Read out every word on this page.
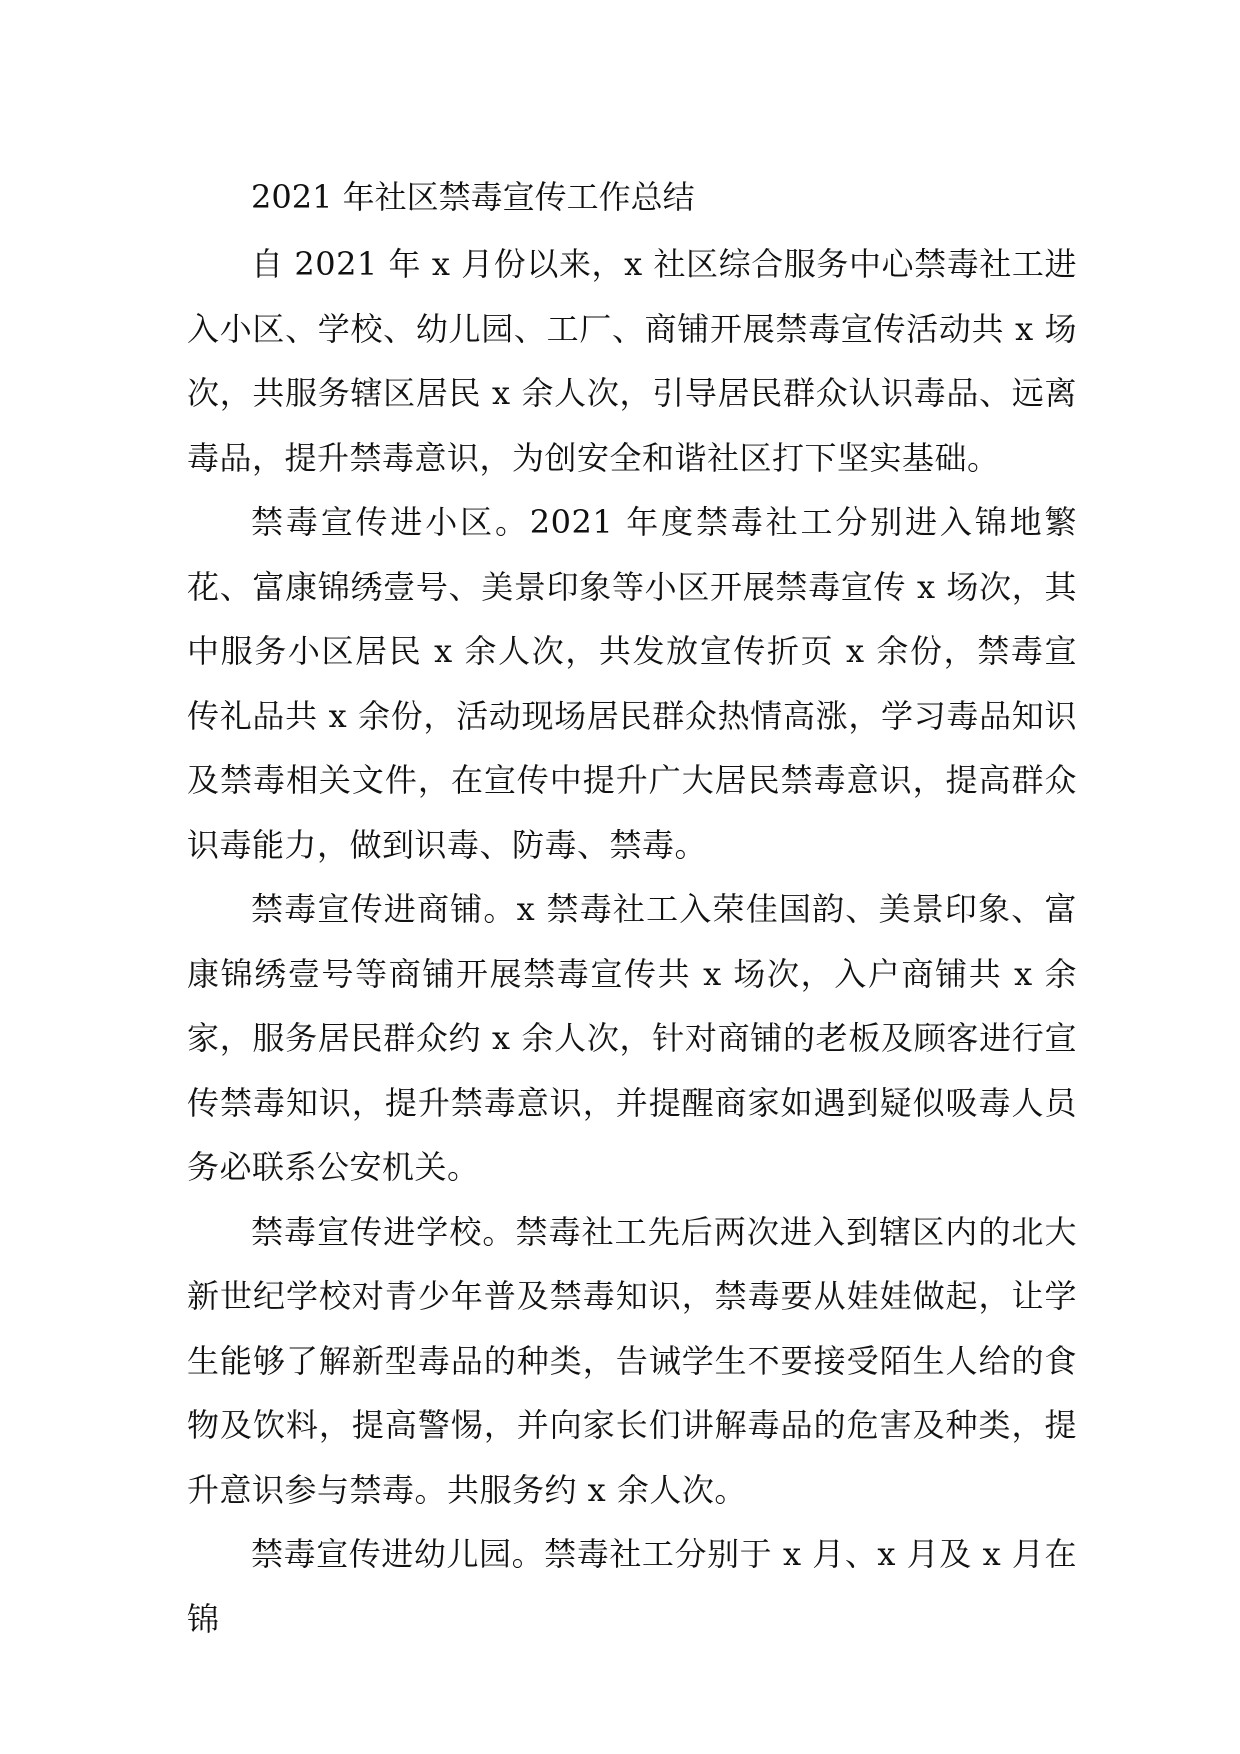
2021 年社区禁毒宣传工作总结

自 2021 年 x 月份以来，x 社区综合服务中心禁毒社工进入小区、学校、幼儿园、工厂、商铺开展禁毒宣传活动共 x 场次，共服务辖区居民 x 余人次，引导居民群众认识毒品、远离毒品，提升禁毒意识，为创安全和谐社区打下坚实基础。

禁毒宣传进小区。2021 年度禁毒社工分别进入锦地繁花、富康锦绣壹号、美景印象等小区开展禁毒宣传 x 场次，其中服务小区居民 x 余人次，共发放宣传折页 x 余份，禁毒宣传礼品共 x 余份，活动现场居民群众热情高涨，学习毒品知识及禁毒相关文件，在宣传中提升广大居民禁毒意识，提高群众识毒能力，做到识毒、防毒、禁毒。

禁毒宣传进商铺。x 禁毒社工入荣佳国韵、美景印象、富康锦绣壹号等商铺开展禁毒宣传共 x 场次，入户商铺共 x 余家，服务居民群众约 x 余人次，针对商铺的老板及顾客进行宣传禁毒知识，提升禁毒意识，并提醒商家如遇到疑似吸毒人员务必联系公安机关。

禁毒宣传进学校。禁毒社工先后两次进入到辖区内的北大新世纪学校对青少年普及禁毒知识，禁毒要从娃娃做起，让学生能够了解新型毒品的种类，告诫学生不要接受陌生人给的食物及饮料，提高警惕，并向家长们讲解毒品的危害及种类，提升意识参与禁毒。共服务约 x 余人次。

禁毒宣传进幼儿园。禁毒社工分别于 x 月、x 月及 x 月在锦
